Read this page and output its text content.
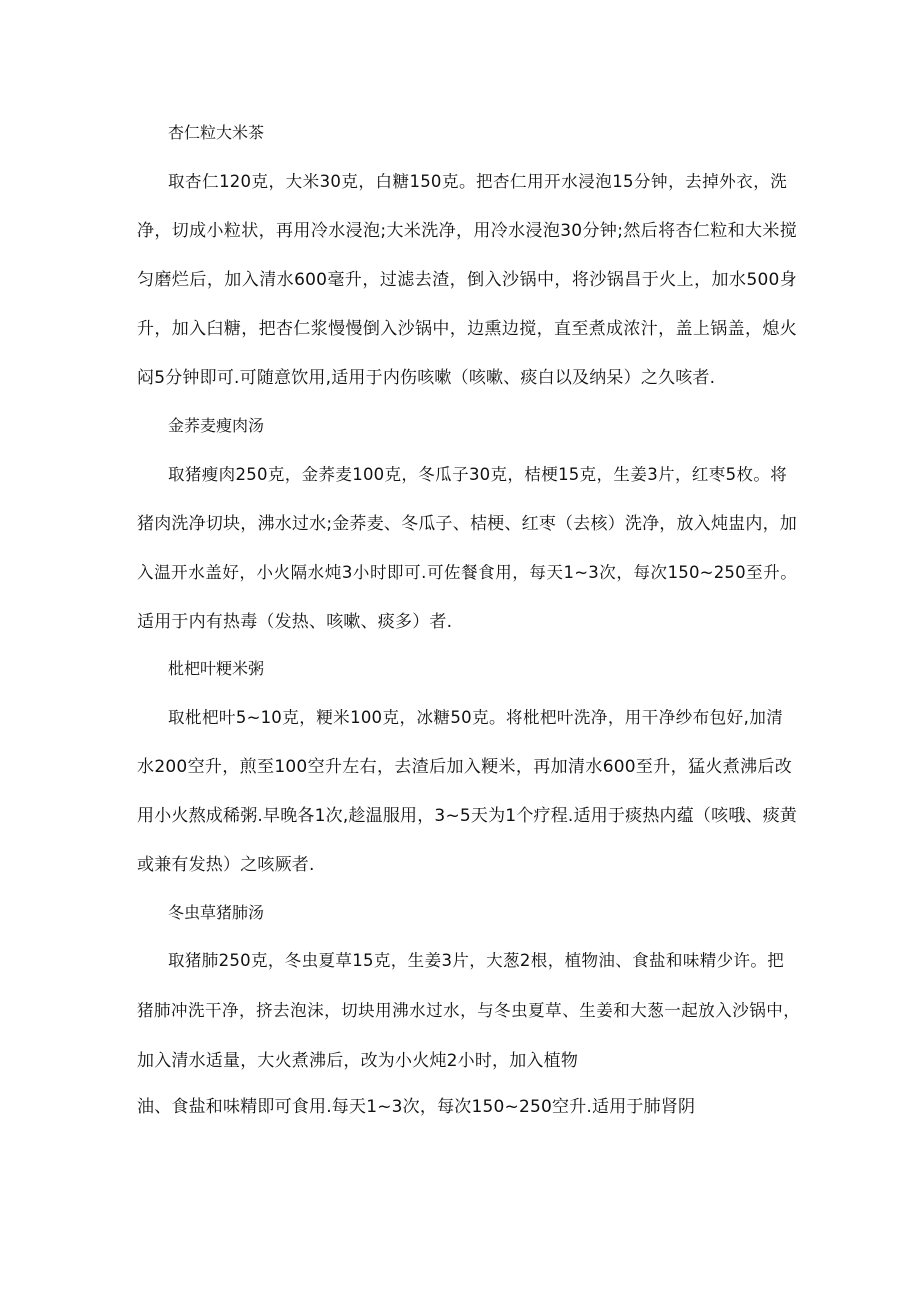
杏仁粒大米茶
取杏仁120克，大米30克，白糖150克。把杏仁用开水浸泡15分钟，去掉外衣，洗
净，切成小粒状，再用冷水浸泡;大米洗净，用冷水浸泡30分钟;然后将杏仁粒和大米搅
匀磨烂后，加入清水600毫升，过滤去渣，倒入沙锅中，将沙锅昌于火上，加水500身
升，加入臼糖，把杏仁浆慢慢倒入沙锅中，边熏边搅，直至煮成浓汁，盖上锅盖，熄火
闷5分钟即可.可随意饮用,适用于内伤咳嗽（咳嗽、痰白以及纳呆）之久咳者.
金荞麦瘦肉汤
取猪瘦肉250克，金荞麦100克，冬瓜子30克，桔梗15克，生姜3片，红枣5枚。将
猪肉洗净切块，沸水过水;金荞麦、冬瓜子、桔梗、红枣（去核）洗净，放入炖盅内，加
入温开水盖好，小火隔水炖3小时即可.可佐餐食用，每天1~3次，每次150~250至升。
适用于内有热毒（发热、咳嗽、痰多）者.
枇杷叶粳米粥
取枇杷叶5~10克，粳米100克，冰糖50克。将枇杷叶洗净，用干净纱布包好,加清
水200空升，煎至100空升左右，去渣后加入粳米，再加清水600至升，猛火煮沸后改
用小火熬成稀粥.早晚各1次,趁温服用，3~5天为1个疗程.适用于痰热内蕴（咳哦、痰黄
或兼有发热）之咳厥者.
冬虫草猪肺汤
取猪肺250克，冬虫夏草15克，生姜3片，大葱2根，植物油、食盐和味精少许。把
猪肺冲洗干净，挤去泡沫，切块用沸水过水，与冬虫夏草、生姜和大葱一起放入沙锅中，
加入清水适量，大火煮沸后，改为小火炖2小时，加入植物
油、食盐和味精即可食用.每天1~3次，每次150~250空升.适用于肺肾阴
